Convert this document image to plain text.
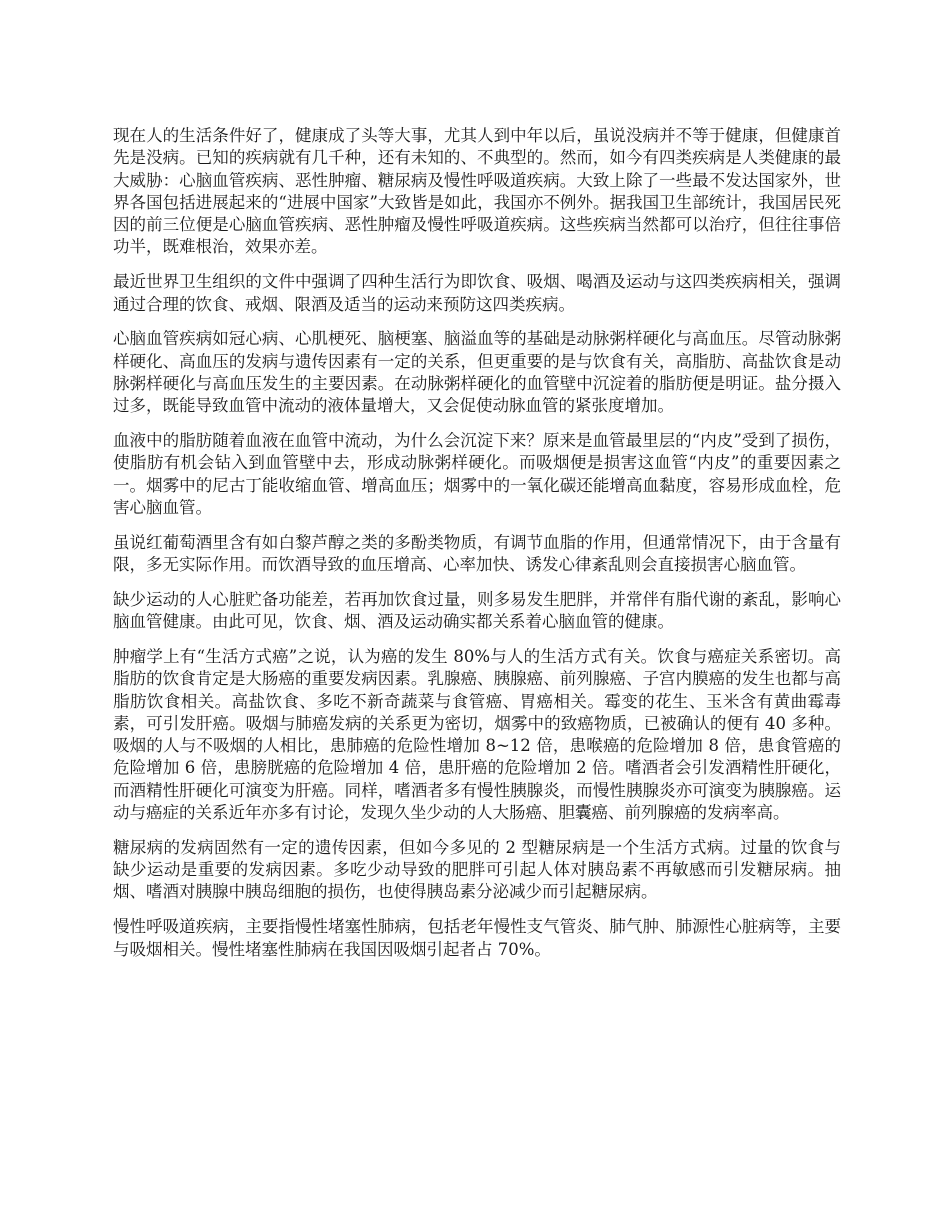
现在人的生活条件好了，健康成了头等大事，尤其人到中年以后，虽说没病并不等于健康，但健康首先是没病。已知的疾病就有几千种，还有未知的、不典型的。然而，如今有四类疾病是人类健康的最大威胁：心脑血管疾病、恶性肿瘤、糖尿病及慢性呼吸道疾病。大致上除了一些最不发达国家外，世界各国包括进展起来的“进展中国家”大致皆是如此，我国亦不例外。据我国卫生部统计，我国居民死因的前三位便是心脑血管疾病、恶性肿瘤及慢性呼吸道疾病。这些疾病当然都可以治疗，但往往事倍功半，既难根治，效果亦差。

最近世界卫生组织的文件中强调了四种生活行为即饮食、吸烟、喝酒及运动与这四类疾病相关，强调通过合理的饮食、戒烟、限酒及适当的运动来预防这四类疾病。

心脑血管疾病如冠心病、心肌梗死、脑梗塞、脑溢血等的基础是动脉粥样硬化与高血压。尽管动脉粥样硬化、高血压的发病与遗传因素有一定的关系，但更重要的是与饮食有关，高脂肪、高盐饮食是动脉粥样硬化与高血压发生的主要因素。在动脉粥样硬化的血管壁中沉淀着的脂肪便是明证。盐分摄入过多，既能导致血管中流动的液体量增大，又会促使动脉血管的紧张度增加。

血液中的脂肪随着血液在血管中流动，为什么会沉淀下来？原来是血管最里层的“内皮”受到了损伤，使脂肪有机会钻入到血管壁中去，形成动脉粥样硬化。而吸烟便是损害这血管“内皮”的重要因素之一。烟雾中的尼古丁能收缩血管、增高血压；烟雾中的一氧化碳还能增高血黏度，容易形成血栓，危害心脑血管。

虽说红葡萄酒里含有如白黎芦醇之类的多酚类物质，有调节血脂的作用，但通常情况下，由于含量有限，多无实际作用。而饮酒导致的血压增高、心率加快、诱发心律紊乱则会直接损害心脑血管。

缺少运动的人心脏贮备功能差，若再加饮食过量，则多易发生肥胖，并常伴有脂代谢的紊乱，影响心脑血管健康。由此可见，饮食、烟、酒及运动确实都关系着心脑血管的健康。

肿瘤学上有“生活方式癌”之说，认为癌的发生 80%与人的生活方式有关。饮食与癌症关系密切。高脂肪的饮食肯定是大肠癌的重要发病因素。乳腺癌、胰腺癌、前列腺癌、子宫内膜癌的发生也都与高脂肪饮食相关。高盐饮食、多吃不新奇蔬菜与食管癌、胃癌相关。霉变的花生、玉米含有黄曲霉毒素，可引发肝癌。吸烟与肺癌发病的关系更为密切，烟雾中的致癌物质，已被确认的便有 40 多种。吸烟的人与不吸烟的人相比，患肺癌的危险性增加 8~12 倍，患喉癌的危险增加 8 倍，患食管癌的危险增加 6 倍，患膀胱癌的危险增加 4 倍，患肝癌的危险增加 2 倍。嗜酒者会引发酒精性肝硬化，而酒精性肝硬化可演变为肝癌。同样，嗜酒者多有慢性胰腺炎，而慢性胰腺炎亦可演变为胰腺癌。运动与癌症的关系近年亦多有讨论，发现久坐少动的人大肠癌、胆囊癌、前列腺癌的发病率高。

糖尿病的发病固然有一定的遗传因素，但如今多见的 2 型糖尿病是一个生活方式病。过量的饮食与缺少运动是重要的发病因素。多吃少动导致的肥胖可引起人体对胰岛素不再敏感而引发糖尿病。抽烟、嗜酒对胰腺中胰岛细胞的损伤，也使得胰岛素分泌减少而引起糖尿病。

慢性呼吸道疾病，主要指慢性堵塞性肺病，包括老年慢性支气管炎、肺气肿、肺源性心脏病等，主要与吸烟相关。慢性堵塞性肺病在我国因吸烟引起者占 70%。
